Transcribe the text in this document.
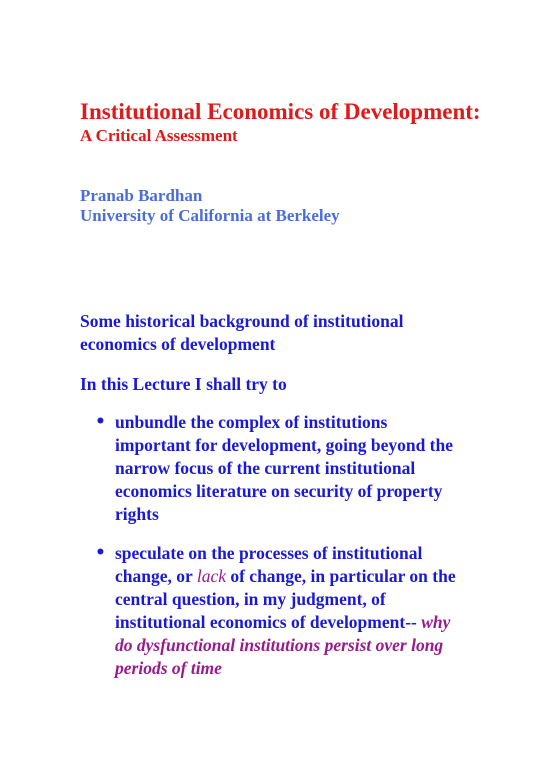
Institutional Economics of Development:
A Critical Assessment
Pranab Bardhan
University of California at Berkeley
Some historical background of institutional
economics of development
In this Lecture I shall try to
• unbundle the complex of institutions
important for development, going beyond the
narrow focus of the current institutional
economics literature on security of property
rights
• speculate on the processes of institutional
change, or lack of change, in particular on the
central question, in my judgment, of
institutional economics of development-- why
do dysfunctional institutions persist over long
periods of time
